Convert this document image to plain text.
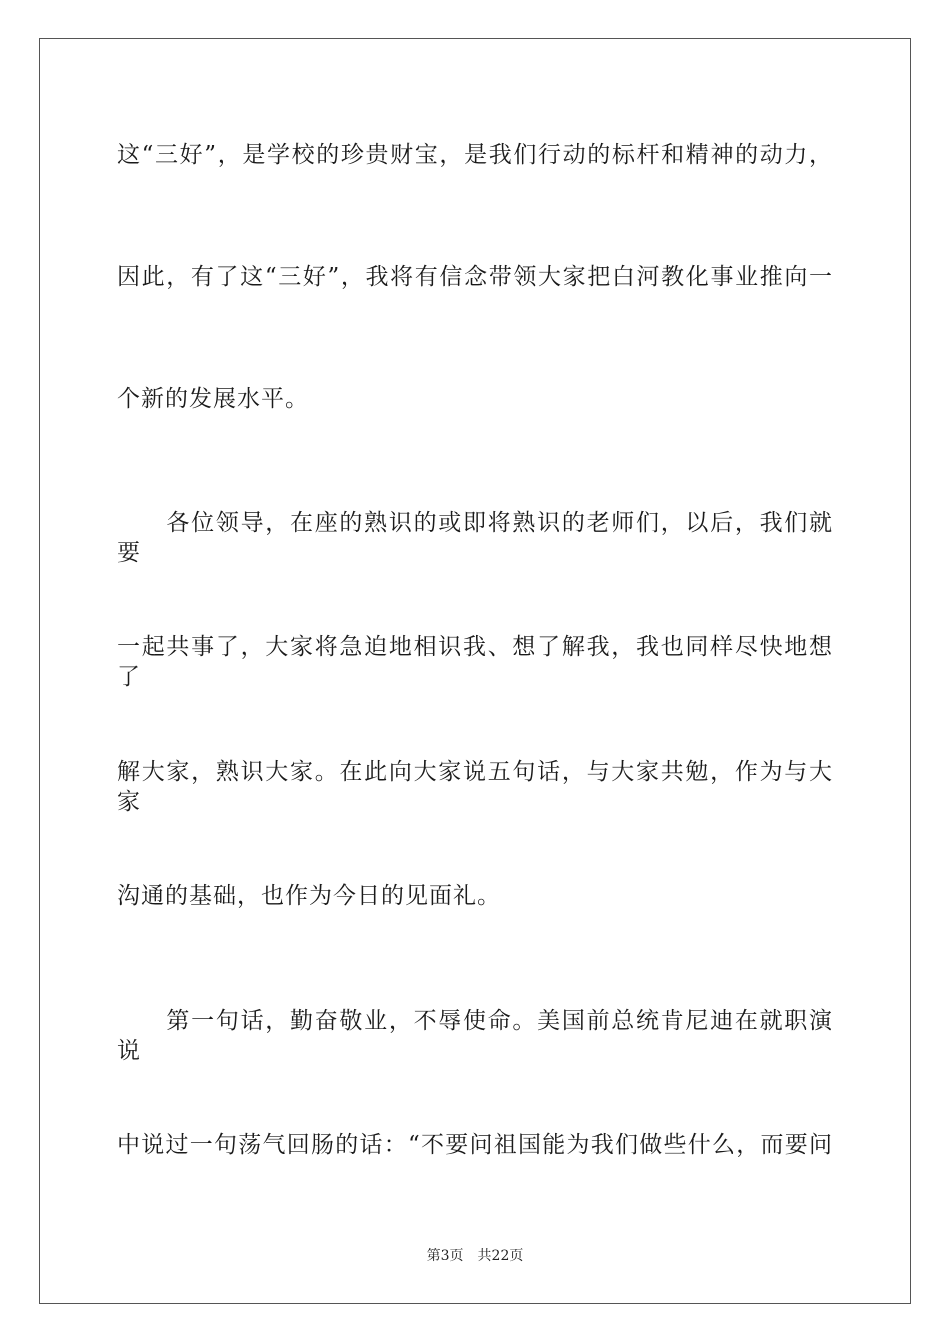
这“三好”，是学校的珍贵财宝，是我们行动的标杆和精神的动力，
因此，有了这“三好”，我将有信念带领大家把白河教化事业推向一
个新的发展水平。
　　各位领导，在座的熟识的或即将熟识的老师们，以后，我们就要
一起共事了，大家将急迫地相识我、想了解我，我也同样尽快地想了
解大家，熟识大家。在此向大家说五句话，与大家共勉，作为与大家
沟通的基础，也作为今日的见面礼。
　　第一句话，勤奋敬业，不辱使命。美国前总统肯尼迪在就职演说
中说过一句荡气回肠的话：“不要问祖国能为我们做些什么，而要问
第3页 共22页
